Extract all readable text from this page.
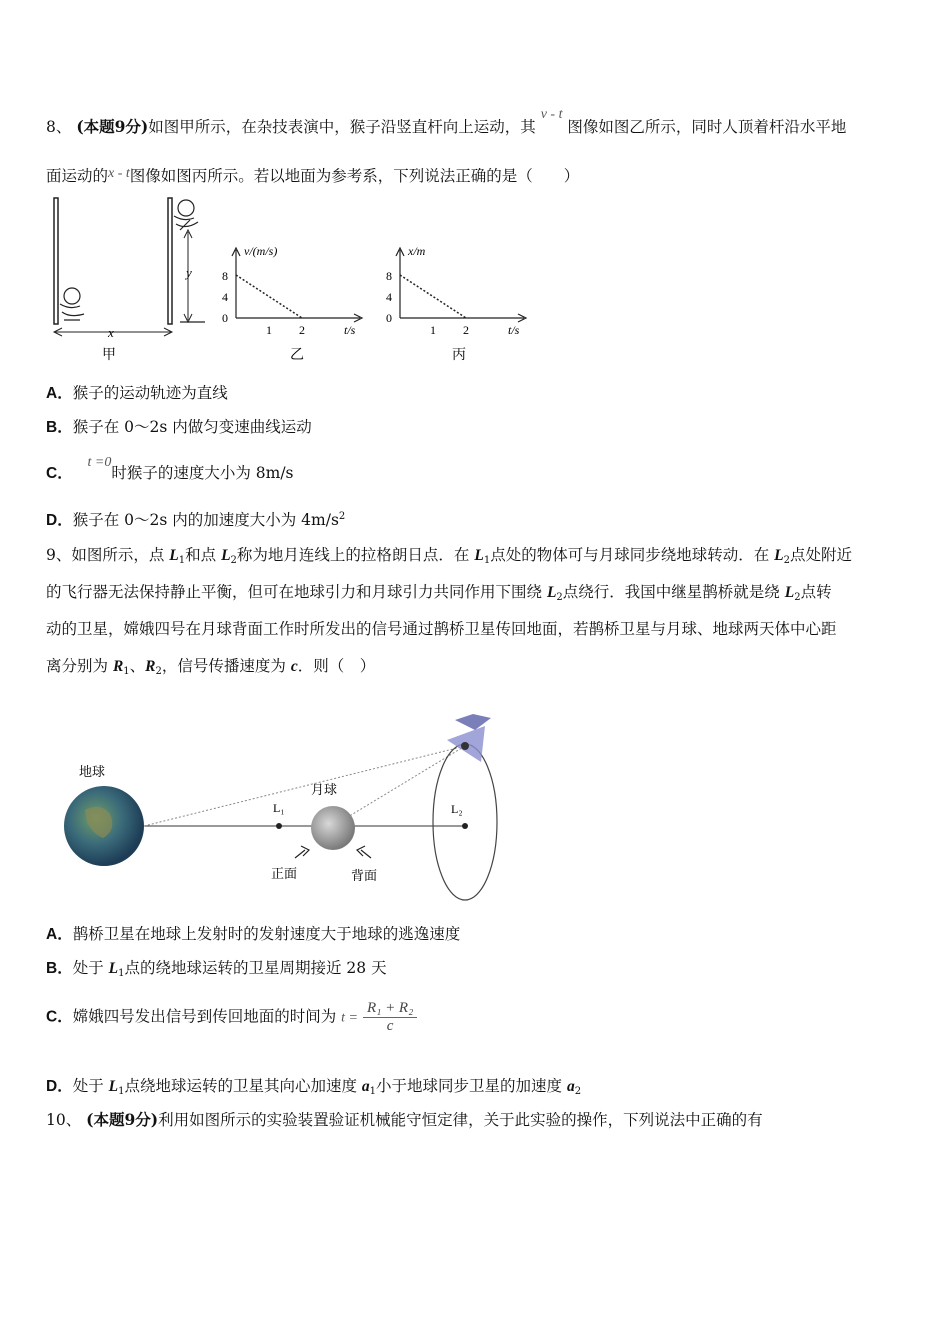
8、 (本题9分)如图甲所示，在杂技表演中，猴子沿竖直杆向上运动，其 v - t 图像如图乙所示，同时人顶着杆沿水平地
面运动的x - t图像如图丙所示。若以地面为参考系，下列说法正确的是（　　）
x
y
甲
v/(m/s)
8
4
0
1 2	t/s
乙
x/m
8
4
0
1 2	t/s
丙
A．猴子的运动轨迹为直线
B．猴子在 0～2s 内做匀变速曲线运动
C．   t =0时猴子的速度大小为 8m/s
D．猴子在 0～2s 内的加速度大小为 $4m/s^2$
9、如图所示，点 $L_1$和点 $L_2$称为地月连线上的拉格朗日点．在 $L_1$点处的物体可与月球同步绕地球转动．在 $L_2$点处附近
的飞行器无法保持静止平衡，但可在地球引力和月球引力共同作用下围绕 $L_2$点绕行．我国中继星鹊桥就是绕 $L_2$点转
动的卫星，嫦娥四号在月球背面工作时所发出的信号通过鹊桥卫星传回地面，若鹊桥卫星与月球、地球两天体中心距
离分别为 $R_1$、$R_2$，信号传播速度为 c．则（　）
地球
L₁
月球
正面	背面
L₂
A．鹊桥卫星在地球上发射时的发射速度大于地球的逃逸速度
B．处于 $L_1$点的绕地球运转的卫星周期接近 28 天
C．嫦娥四号发出信号到传回地面的时间为 $t = \frac{\text{R₁ + R₂}}{c}$
D．处于 $L_1$点绕地球运转的卫星其向心加速度 $a_1$小于地球同步卫星的加速度 $a_2$
10、 (本题9分)利用如图所示的实验装置验证机械能守恒定律，关于此实验的操作，下列说法中正确的有
